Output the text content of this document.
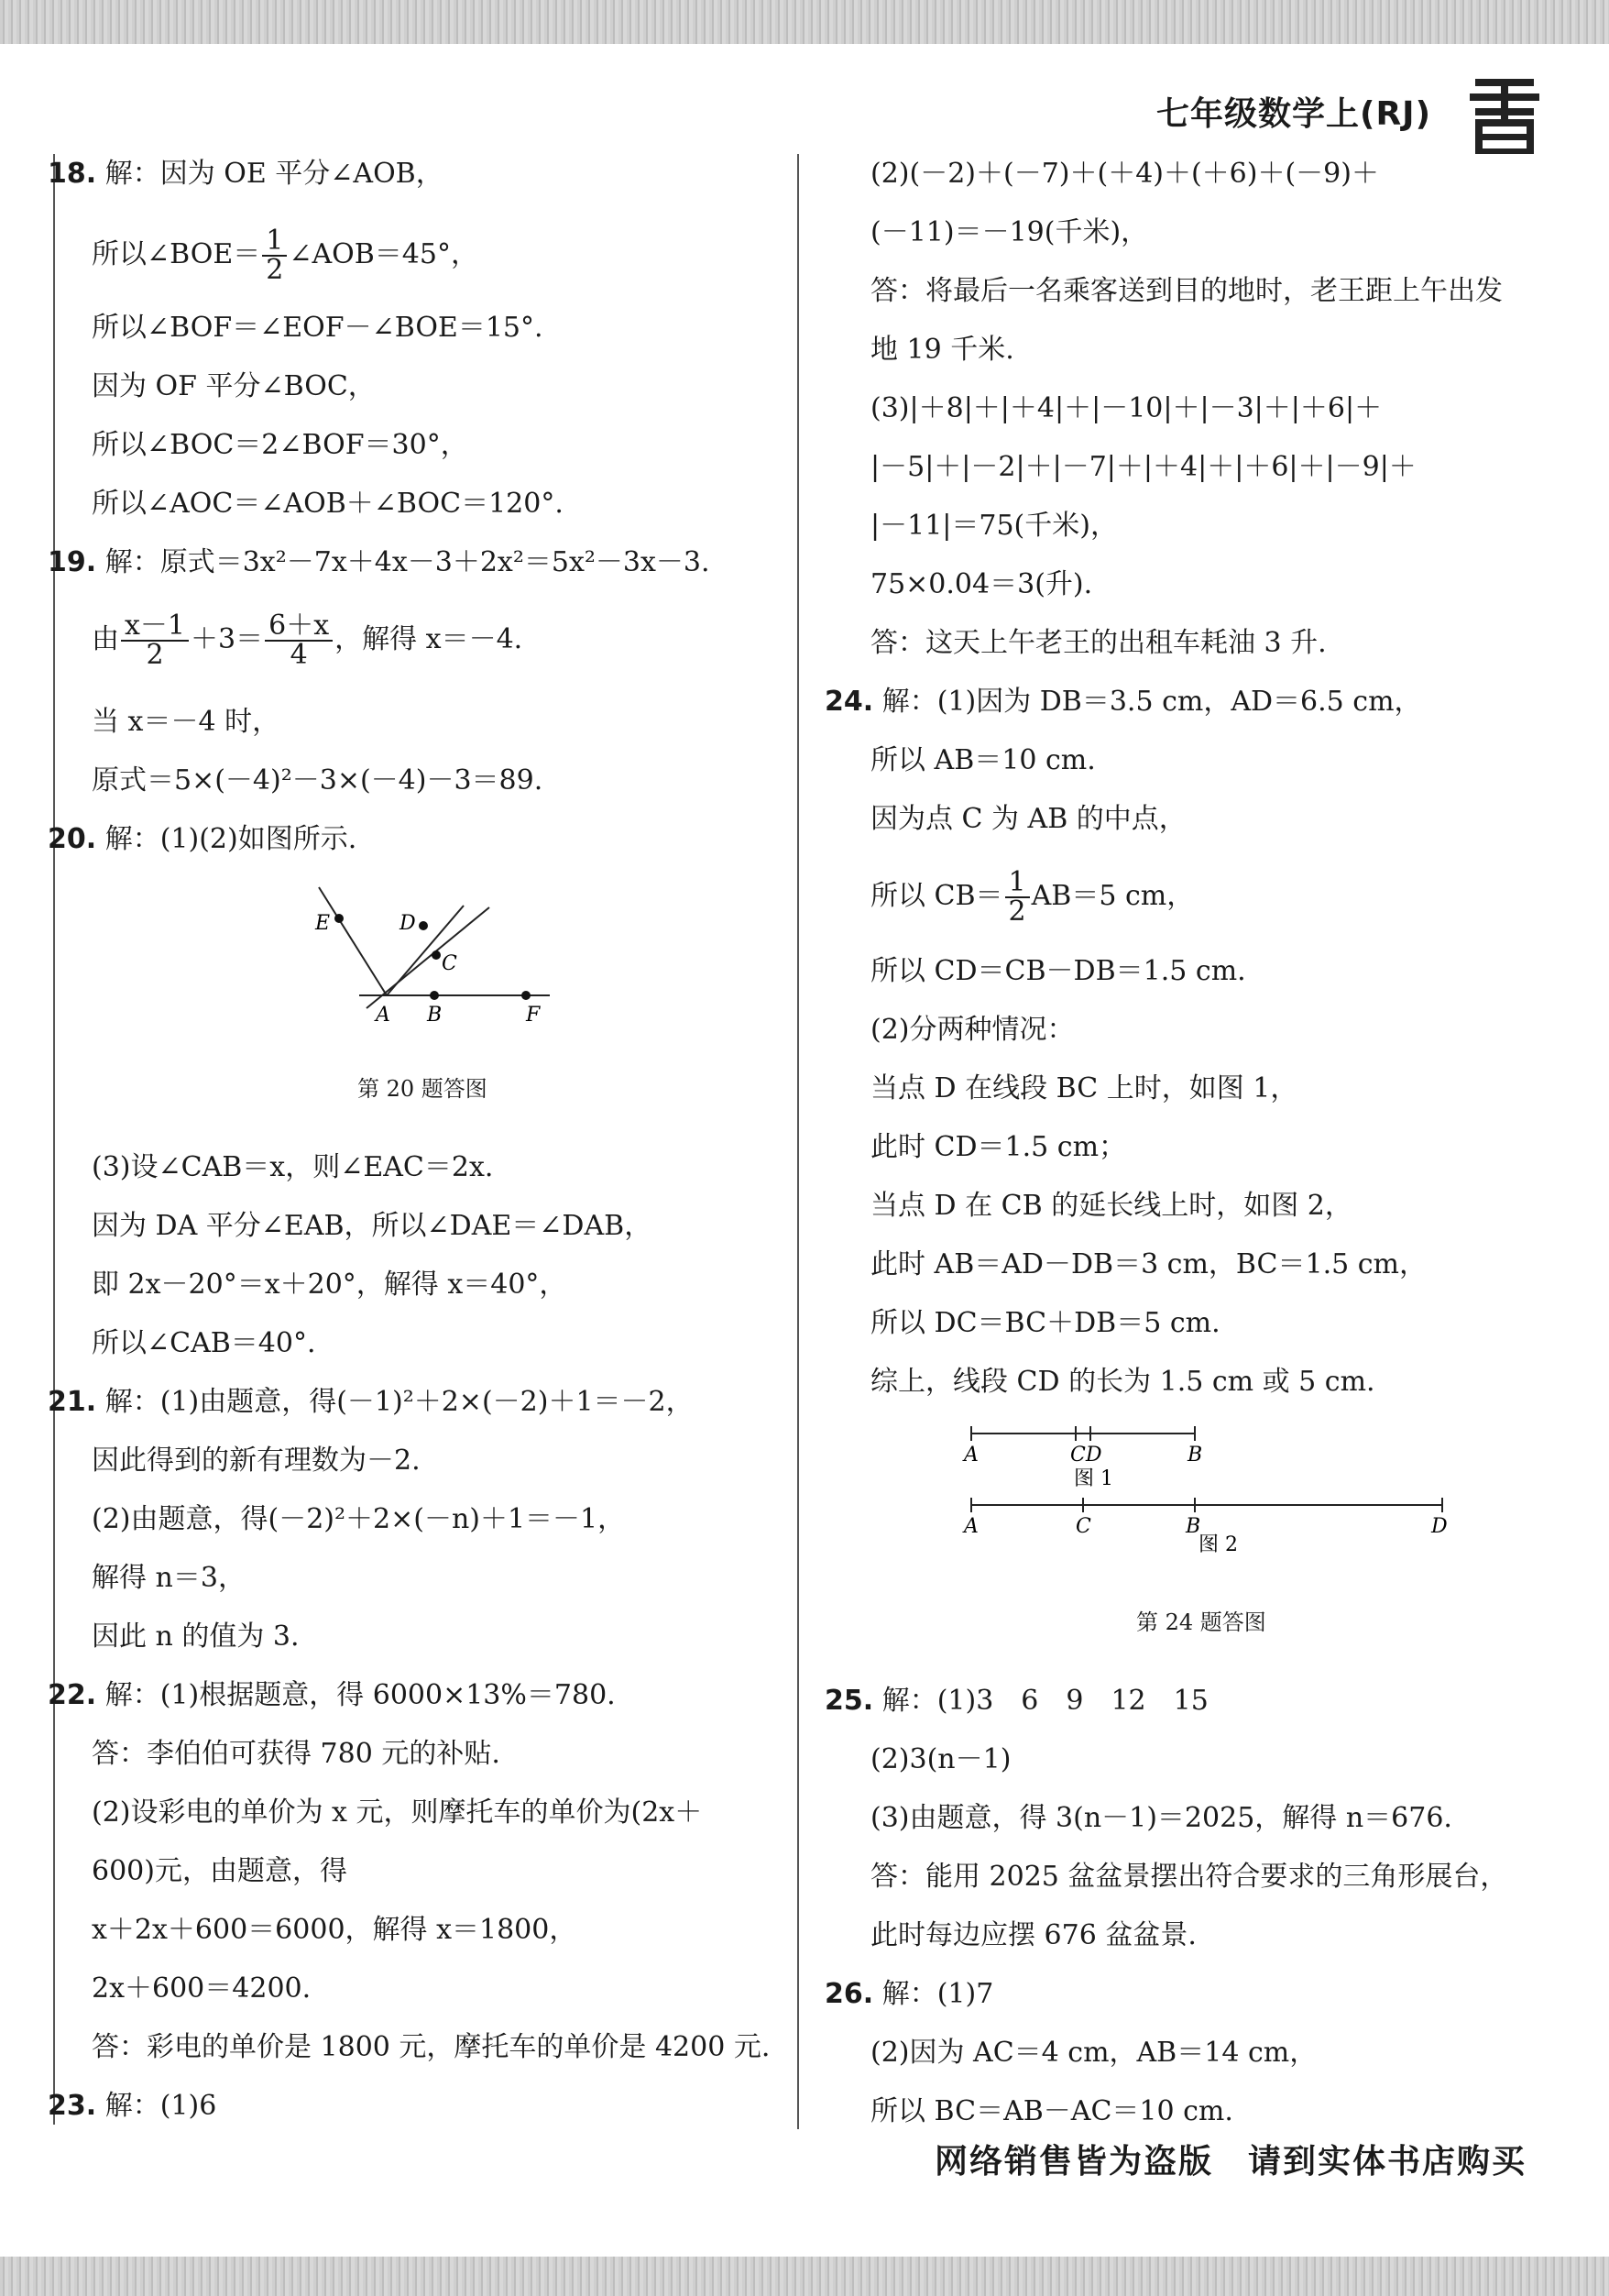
七年级数学上(RJ)
18. 解：因为 OE 平分∠AOB，
所以∠BOE＝ $\frac{1}{2}$ ∠AOB＝45°，
所以∠BOF＝∠EOF－∠BOE＝15°.
因为 OF 平分∠BOC，
所以∠BOC＝2∠BOF＝30°，
所以∠AOC＝∠AOB＋∠BOC＝120°.
19. 解：原式＝3x²－7x＋4x－3＋2x²＝5x²－3x－3.
由 $\frac{x-1}{2} +3= \frac{6+x}{4}$ ，解得 x＝－4.
当 x＝－4 时，
原式＝5×(－4)²－3×(－4)－3＝89.
20. 解：(1)(2)如图所示.
E	D
C
A B	F
第 20 题答图
(3)设∠CAB＝x，则∠EAC＝2x.
因为 DA 平分∠EAB，所以∠DAE＝∠DAB，
即 2x－20°＝x＋20°，解得 x＝40°，
所以∠CAB＝40°.
21. 解：(1)由题意，得(－1)²＋2×(－2)＋1＝－2，
因此得到的新有理数为－2.
(2)由题意，得(－2)²＋2×(－n)＋1＝－1，
解得 n＝3，
因此 n 的值为 3.
22. 解：(1)根据题意，得 6000×13%＝780.
答：李伯伯可获得 780 元的补贴.
(2)设彩电的单价为 x 元，则摩托车的单价为(2x＋
600)元，由题意，得
x＋2x＋600＝6000，解得 x＝1800，
2x＋600＝4200.
答：彩电的单价是 1800 元，摩托车的单价是 4200 元.
23. 解：(1)6
(2)(－2)＋(－7)＋(＋4)＋(＋6)＋(－9)＋
(－11)＝－19(千米)，
答：将最后一名乘客送到目的地时，老王距上午出发
地 19 千米.
(3)|＋8|＋|＋4|＋|－10|＋|－3|＋|＋6|＋
|－5|＋|－2|＋|－7|＋|＋4|＋|＋6|＋|－9|＋
|－11|＝75(千米)，
75×0.04＝3(升).
答：这天上午老王的出租车耗油 3 升.
24. 解：(1)因为 DB＝3.5 cm，AD＝6.5 cm，
所以 AB＝10 cm.
因为点 C 为 AB 的中点，
所以 $CB= \frac{1}{2} AB=5$ cm，
所以 CD＝CB－DB＝1.5 cm.
(2)分两种情况：
当点 D 在线段 BC 上时，如图 1，
此时 CD＝1.5 cm；
当点 D 在 CB 的延长线上时，如图 2，
此时 AB＝AD－DB＝3 cm，BC＝1.5 cm，
所以 DC＝BC＋DB＝5 cm.
综上，线段 CD 的长为 1.5 cm 或 5 cm.
A	CD	B
图 1
A	C	B	D
图 2
第 24 题答图
25. 解：(1)3　6　9　12　15
(2)3(n－1)
(3)由题意，得 3(n－1)＝2025，解得 n＝676.
答：能用 2025 盆盆景摆出符合要求的三角形展台，
此时每边应摆 676 盆盆景.
26. 解：(1)7
(2)因为 AC＝4 cm，AB＝14 cm，
所以 BC＝AB－AC＝10 cm.
网络销售皆为盗版　请到实体书店购买
